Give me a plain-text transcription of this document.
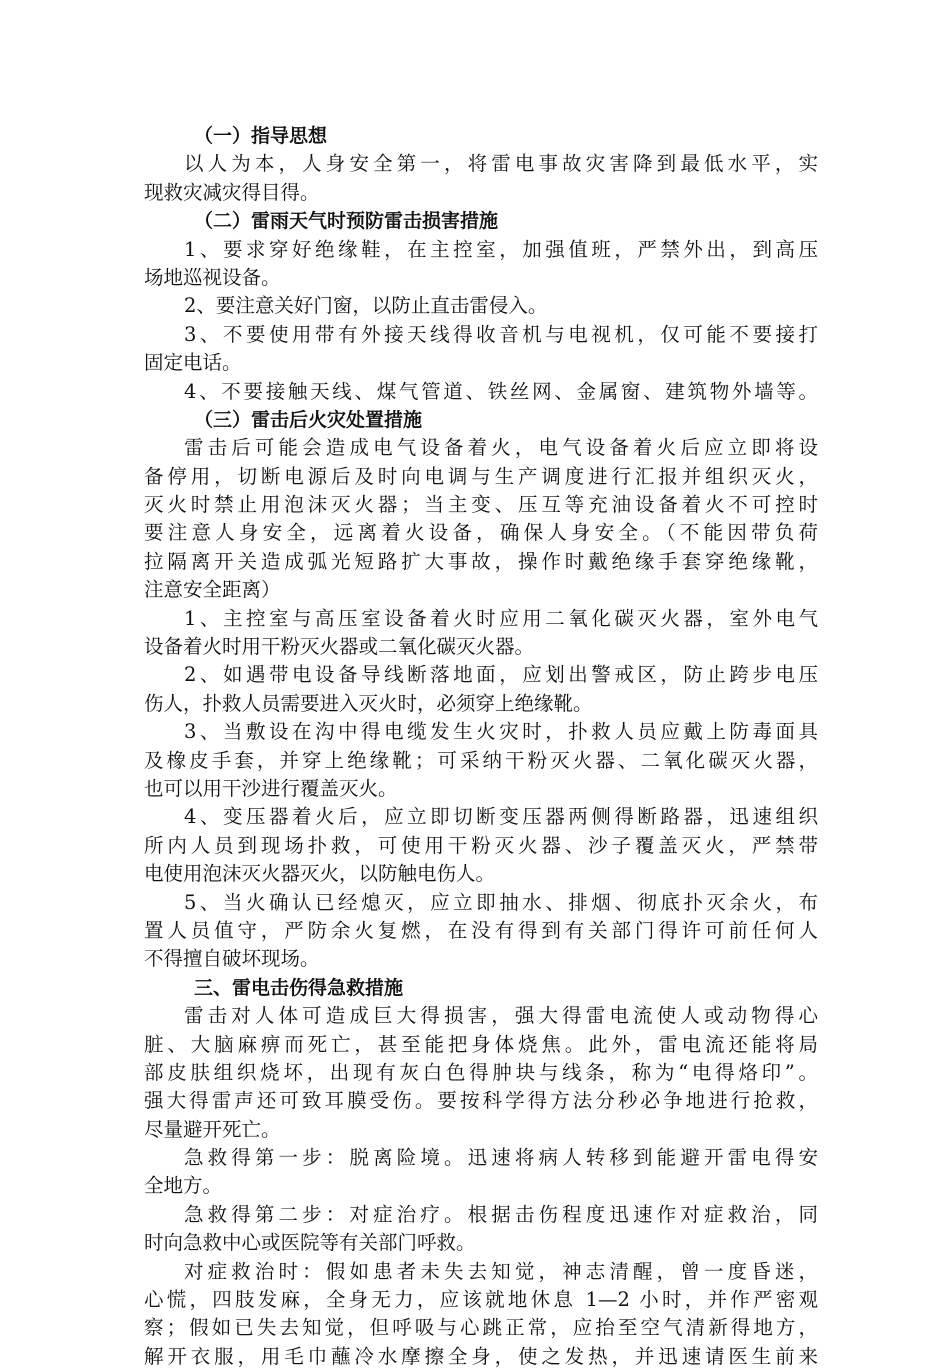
（一）指导思想
以人为本，人身安全第一，将雷电事故灾害降到最低水平，实
现救灾减灾得目得。
（二）雷雨天气时预防雷击损害措施
1、要求穿好绝缘鞋，在主控室，加强值班，严禁外出，到高压
场地巡视设备。
2、要注意关好门窗，以防止直击雷侵入。
3、不要使用带有外接天线得收音机与电视机，仅可能不要接打
固定电话。
4、不要接触天线、煤气管道、铁丝网、金属窗、建筑物外墙等。
（三）雷击后火灾处置措施
雷击后可能会造成电气设备着火，电气设备着火后应立即将设
备停用，切断电源后及时向电调与生产调度进行汇报并组织灭火，
灭火时禁止用泡沫灭火器；当主变、压互等充油设备着火不可控时
要注意人身安全，远离着火设备，确保人身安全。（不能因带负荷
拉隔离开关造成弧光短路扩大事故，操作时戴绝缘手套穿绝缘靴，
注意安全距离）
1、主控室与高压室设备着火时应用二氧化碳灭火器，室外电气
设备着火时用干粉灭火器或二氧化碳灭火器。
2、如遇带电设备导线断落地面，应划出警戒区，防止跨步电压
伤人，扑救人员需要进入灭火时，必须穿上绝缘靴。
3、当敷设在沟中得电缆发生火灾时，扑救人员应戴上防毒面具
及橡皮手套，并穿上绝缘靴；可采纳干粉灭火器、二氧化碳灭火器，
也可以用干沙进行覆盖灭火。
4、变压器着火后，应立即切断变压器两侧得断路器，迅速组织
所内人员到现场扑救，可使用干粉灭火器、沙子覆盖灭火，严禁带
电使用泡沫灭火器灭火，以防触电伤人。
5、当火确认已经熄灭，应立即抽水、排烟、彻底扑灭余火，布
置人员值守，严防余火复燃，在没有得到有关部门得许可前任何人
不得擅自破坏现场。
三、雷电击伤得急救措施
雷击对人体可造成巨大得损害，强大得雷电流使人或动物得心
脏、大脑麻痹而死亡，甚至能把身体烧焦。此外，雷电流还能将局
部皮肤组织烧坏，出现有灰白色得肿块与线条，称为“电得烙印”。
强大得雷声还可致耳膜受伤。要按科学得方法分秒必争地进行抢救，
尽量避开死亡。
急救得第一步：脱离险境。迅速将病人转移到能避开雷电得安
全地方。
急救得第二步：对症治疗。根据击伤程度迅速作对症救治，同
时向急救中心或医院等有关部门呼救。
对症救治时：假如患者未失去知觉，神志清醒，曾一度昏迷，
心慌，四肢发麻，全身无力，应该就地休息 1—2 小时，并作严密观
察；假如已失去知觉，但呼吸与心跳正常，应抬至空气清新得地方，
解开衣服，用毛巾蘸冷水摩擦全身，使之发热，并迅速请医生前来
